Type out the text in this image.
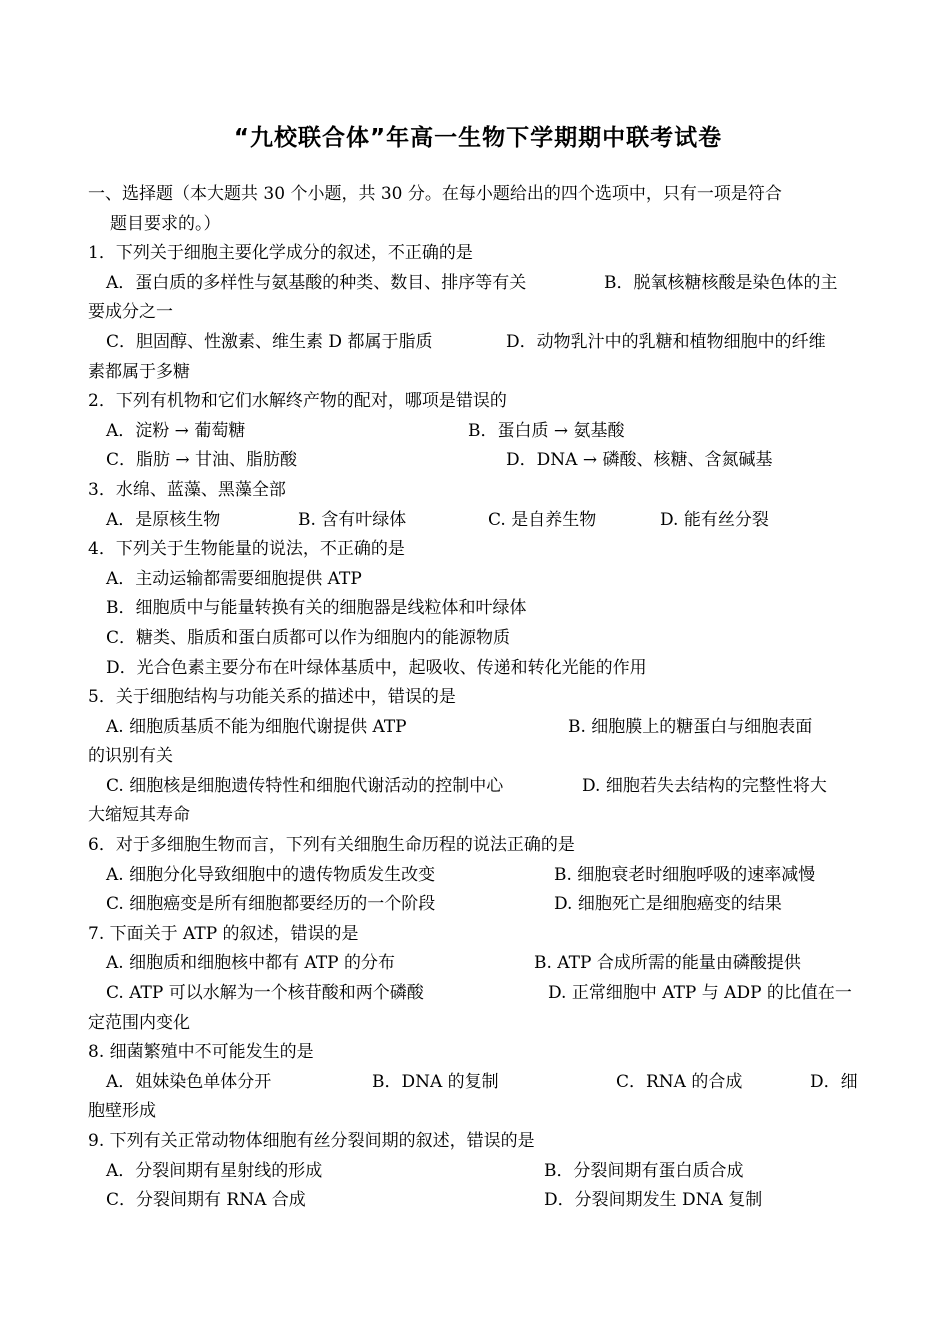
“九校联合体”年高一生物下学期期中联考试卷
一、选择题（本大题共 30 个小题，共 30 分。在每小题给出的四个选项中，只有一项是符合
题目要求的。）
1．下列关于细胞主要化学成分的叙述，不正确的是
A．蛋白质的多样性与氨基酸的种类、数目、排序等有关	B．脱氧核糖核酸是染色体的主
要成分之一
C．胆固醇、性激素、维生素 D 都属于脂质	D．动物乳汁中的乳糖和植物细胞中的纤维
素都属于多糖
2．下列有机物和它们水解终产物的配对，哪项是错误的
A．淀粉 → 葡萄糖	B．蛋白质 → 氨基酸
C．脂肪 → 甘油、脂肪酸	D．DNA → 磷酸、核糖、含氮碱基
3．水绵、蓝藻、黑藻全部
A．是原核生物	B. 含有叶绿体	C. 是自养生物	D. 能有丝分裂
4．下列关于生物能量的说法，不正确的是
A．主动运输都需要细胞提供 ATP
B．细胞质中与能量转换有关的细胞器是线粒体和叶绿体
C．糖类、脂质和蛋白质都可以作为细胞内的能源物质
D．光合色素主要分布在叶绿体基质中，起吸收、传递和转化光能的作用
5．关于细胞结构与功能关系的描述中，错误的是
A. 细胞质基质不能为细胞代谢提供 ATP	B. 细胞膜上的糖蛋白与细胞表面
的识别有关
C. 细胞核是细胞遗传特性和细胞代谢活动的控制中心	D. 细胞若失去结构的完整性将大
大缩短其寿命
6．对于多细胞生物而言，下列有关细胞生命历程的说法正确的是
A. 细胞分化导致细胞中的遗传物质发生改变	B. 细胞衰老时细胞呼吸的速率减慢
C. 细胞癌变是所有细胞都要经历的一个阶段	D. 细胞死亡是细胞癌变的结果
7. 下面关于 ATP 的叙述，错误的是
A. 细胞质和细胞核中都有 ATP 的分布	B. ATP 合成所需的能量由磷酸提供
C. ATP 可以水解为一个核苷酸和两个磷酸	D. 正常细胞中 ATP 与 ADP 的比值在一
定范围内变化
8. 细菌繁殖中不可能发生的是
A．姐妹染色单体分开	B．DNA 的复制	C．RNA 的合成	D．细
胞壁形成
9. 下列有关正常动物体细胞有丝分裂间期的叙述，错误的是
A．分裂间期有星射线的形成	B．分裂间期有蛋白质合成
C．分裂间期有 RNA 合成	D．分裂间期发生 DNA 复制
